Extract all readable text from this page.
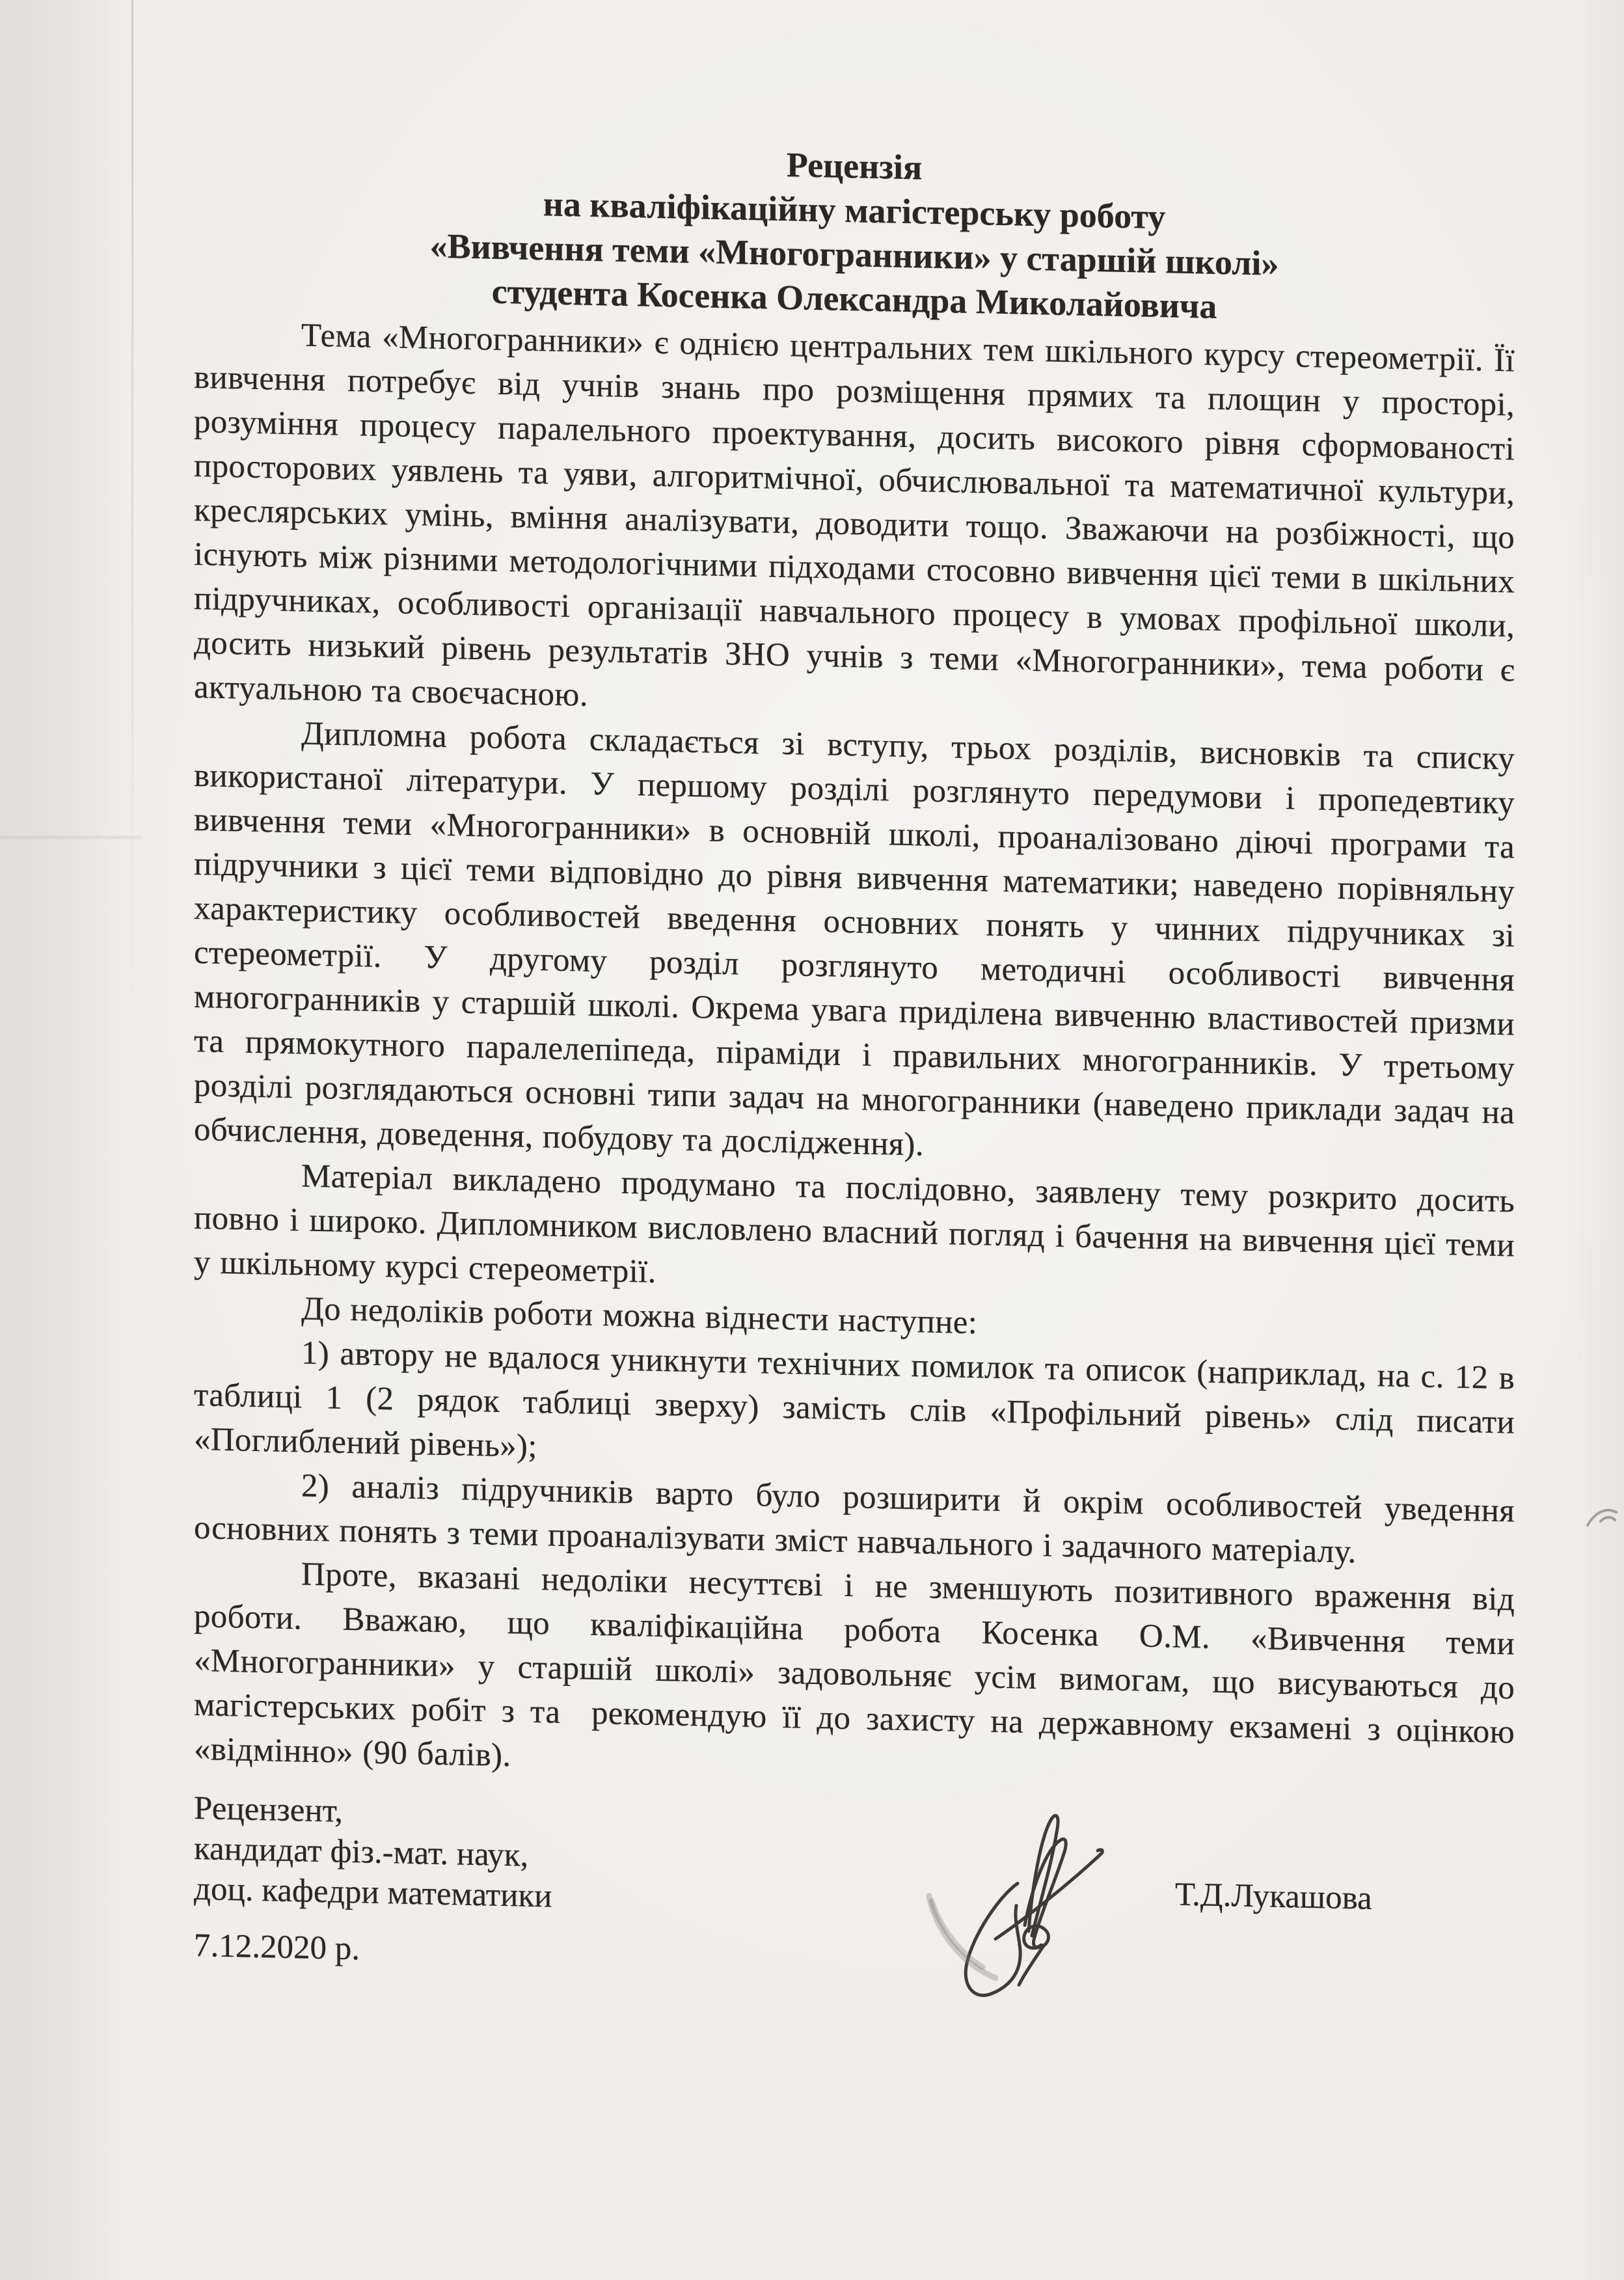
Рецензія
на кваліфікаційну магістерську роботу
«Вивчення теми «Многогранники» у старшій школі»
студента Косенка Олександра Миколайовича

Тема «Многогранники» є однією центральних тем шкільного курсу стереометрії. Її вивчення потребує від учнів знань про розміщення прямих та площин у просторі, розуміння процесу паралельного проектування, досить високого рівня сформованості просторових уявлень та уяви, алгоритмічної, обчислювальної та математичної культури, креслярських умінь, вміння аналізувати, доводити тощо. Зважаючи на розбіжності, що існують між різними методологічними підходами стосовно вивчення цієї теми в шкільних підручниках, особливості організації навчального процесу в умовах профільної школи, досить низький рівень результатів ЗНО учнів з теми «Многогранники», тема роботи є актуальною та своєчасною.

Дипломна робота складається зі вступу, трьох розділів, висновків та списку використаної літератури. У першому розділі розглянуто передумови і пропедевтику вивчення теми «Многогранники» в основній школі, проаналізовано діючі програми та підручники з цієї теми відповідно до рівня вивчення математики; наведено порівняльну характеристику особливостей введення основних понять у чинних підручниках зі стереометрії. У другому розділ розглянуто методичні особливості вивчення многогранників у старшій школі. Окрема увага приділена вивченню властивостей призми та прямокутного паралелепіпеда, піраміди і правильних многогранників. У третьому розділі розглядаються основні типи задач на многогранники (наведено приклади задач на обчислення, доведення, побудову та дослідження).

Матеріал викладено продумано та послідовно, заявлену тему розкрито досить повно і широко. Дипломником висловлено власний погляд і бачення на вивчення цієї теми у шкільному курсі стереометрії.

До недоліків роботи можна віднести наступне:

1) автору не вдалося уникнути технічних помилок та описок (наприклад, на с. 12 в таблиці 1 (2 рядок таблиці зверху) замість слів «Профільний рівень» слід писати «Поглиблений рівень»);

2) аналіз підручників варто було розширити й окрім особливостей уведення основних понять з теми проаналізувати зміст навчального і задачного матеріалу.

Проте, вказані недоліки несуттєві і не зменшують позитивного враження від роботи. Вважаю, що кваліфікаційна робота Косенка О.М. «Вивчення теми «Многогранники» у старшій школі» задовольняє усім вимогам, що висуваються до магістерських робіт з та  рекомендую її до захисту на державному екзамені з оцінкою «відмінно» (90 балів).

Рецензент,
кандидат фіз.-мат. наук,
доц. кафедри математики
7.12.2020 р.
Т.Д.Лукашова
